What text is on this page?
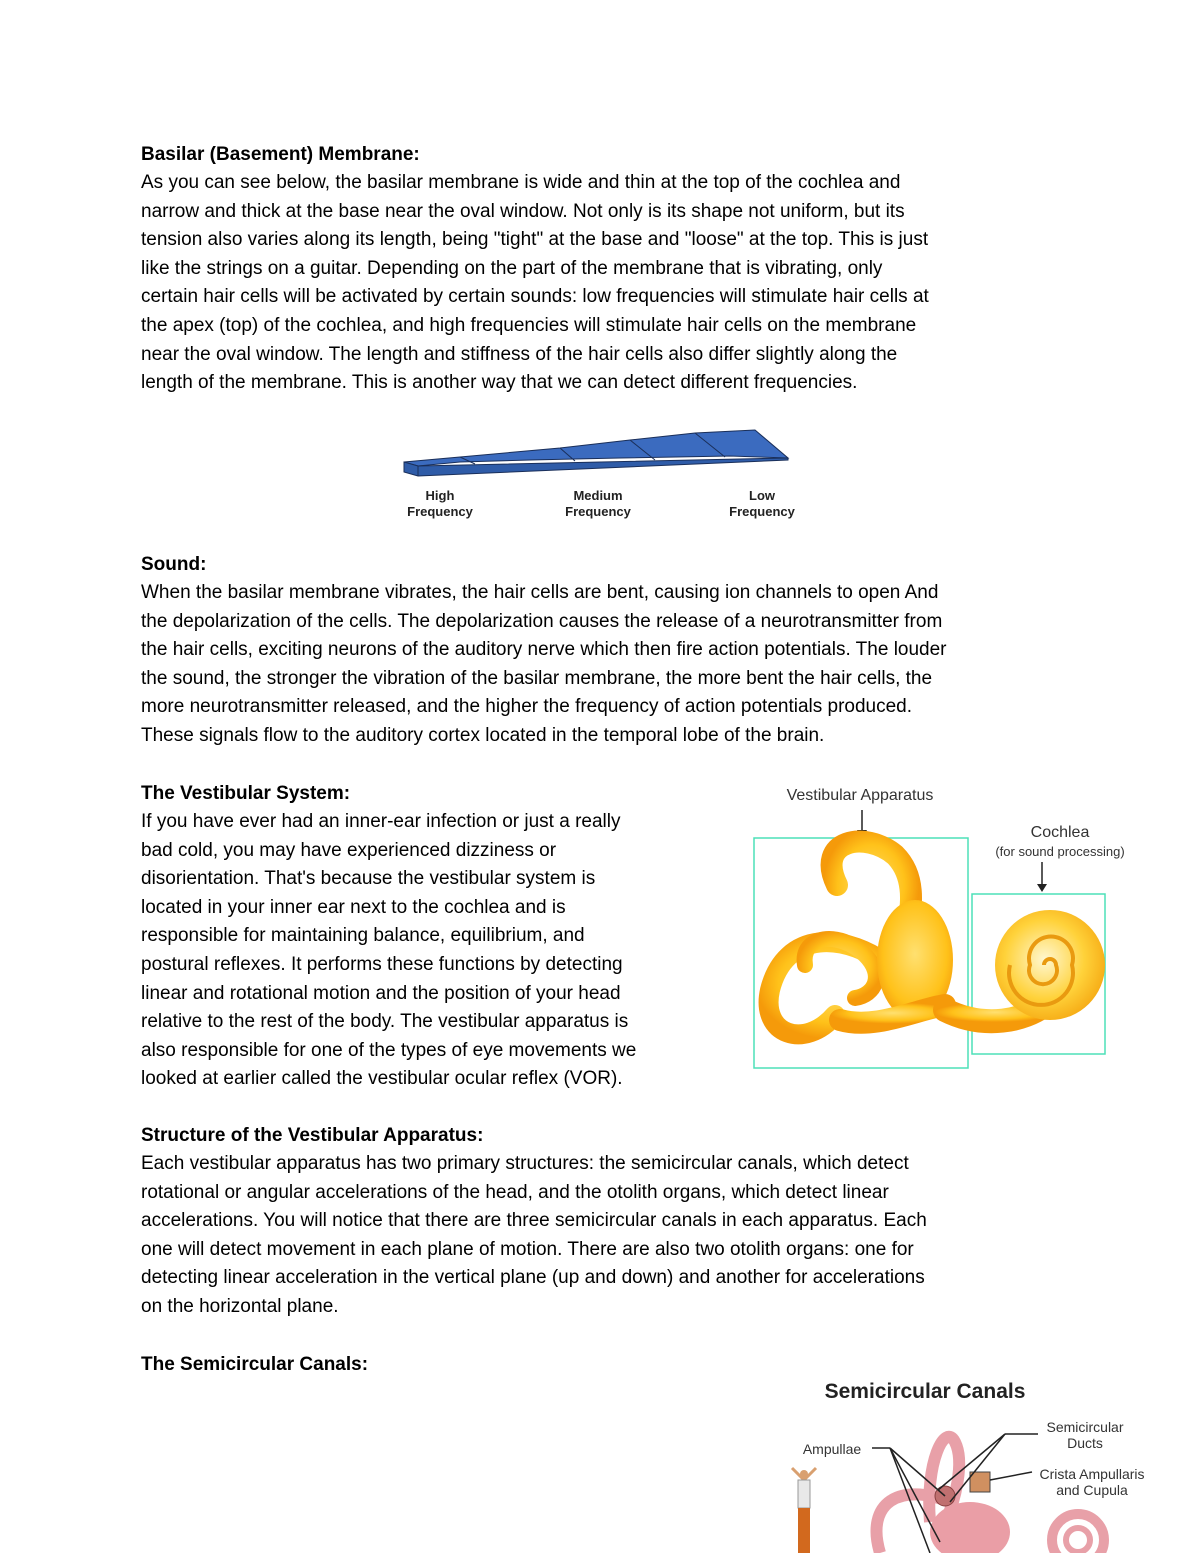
Basilar (Basement) Membrane:
As you can see below, the basilar membrane is wide and thin at the top of the cochlea and
narrow and thick at the base near the oval window. Not only is its shape not uniform, but its
tension also varies along its length, being "tight" at the base and "loose" at the top. This is just
like the strings on a guitar. Depending on the part of the membrane that is vibrating, only
certain hair cells will be activated by certain sounds: low frequencies will stimulate hair cells at
the apex (top) of the cochlea, and high frequencies will stimulate hair cells on the membrane
near the oval window. The length and stiffness of the hair cells also differ slightly along the
length of the membrane. This is another way that we can detect different frequencies.
High
Frequency
Medium
Frequency
Low
Frequency
Sound:
When the basilar membrane vibrates, the hair cells are bent, causing ion channels to open And
the depolarization of the cells. The depolarization causes the release of a neurotransmitter from
the hair cells, exciting neurons of the auditory nerve which then fire action potentials. The louder
the sound, the stronger the vibration of the basilar membrane, the more bent the hair cells, the
more neurotransmitter released, and the higher the frequency of action potentials produced.
These signals flow to the auditory cortex located in the temporal lobe of the brain.
The Vestibular System:
If you have ever had an inner-ear infection or just a really
bad cold, you may have experienced dizziness or
disorientation. That's because the vestibular system is
located in your inner ear next to the cochlea and is
responsible for maintaining balance, equilibrium, and
postural reflexes. It performs these functions by detecting
linear and rotational motion and the position of your head
relative to the rest of the body. The vestibular apparatus is
also responsible for one of the types of eye movements we
looked at earlier called the vestibular ocular reflex (VOR).
Vestibular Apparatus
Cochlea
(for sound processing)
Structure of the Vestibular Apparatus:
Each vestibular apparatus has two primary structures: the semicircular canals, which detect
rotational or angular accelerations of the head, and the otolith organs, which detect linear
accelerations. You will notice that there are three semicircular canals in each apparatus. Each
one will detect movement in each plane of motion. There are also two otolith organs: one for
detecting linear acceleration in the vertical plane (up and down) and another for accelerations
on the horizontal plane.
The Semicircular Canals:
Semicircular Canals
Ampullae
Semicircular
Ducts
Crista Ampullaris
and Cupula
